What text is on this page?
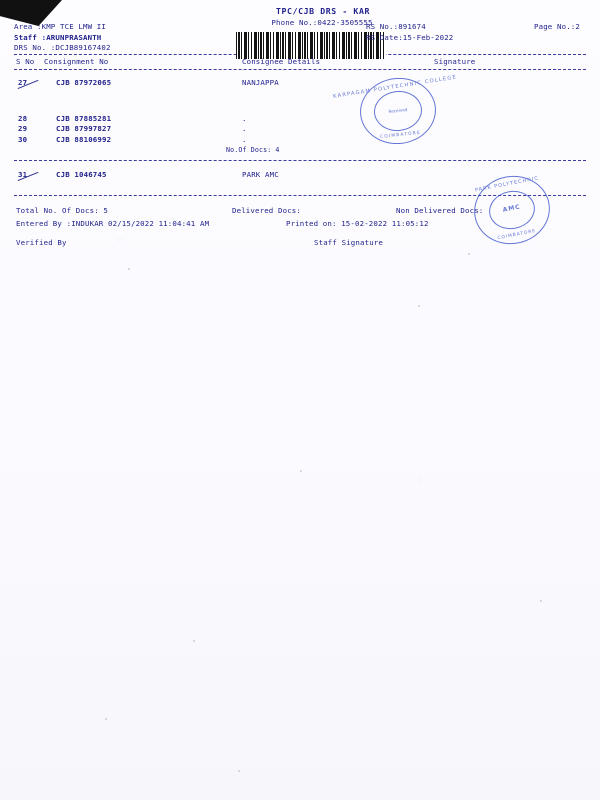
TPC/CJB DRS - KAR
Phone No.:0422-3505555
Area :KMP TCE LMW II
Staff :ARUNPRASANTH
DRS No. :DCJB89167402
RS No.:891674
RS Date:15-Feb-2022
Page No.:2
S No Consignment No	Consignee Details	Signature
27	CJB 87972065	NANJAPPA
28	CJB 87885281	.
29	CJB 87997827	.
30	CJB 88106992	.
No.Of Docs: 4
31	CJB 1046745	PARK AMC
Total No. Of Docs: 5	Delivered Docs:	Non Delivered Docs:
Entered By :INDUKAR 02/15/2022 11:04:41 AM	Printed on: 15-02-2022 11:05:12
Verified By	Staff Signature
KARPAGAM POLYTECHNIC COLLEGE
Received
COIMBATORE
PARK POLYTECHNIC
AMC
COIMBATORE
